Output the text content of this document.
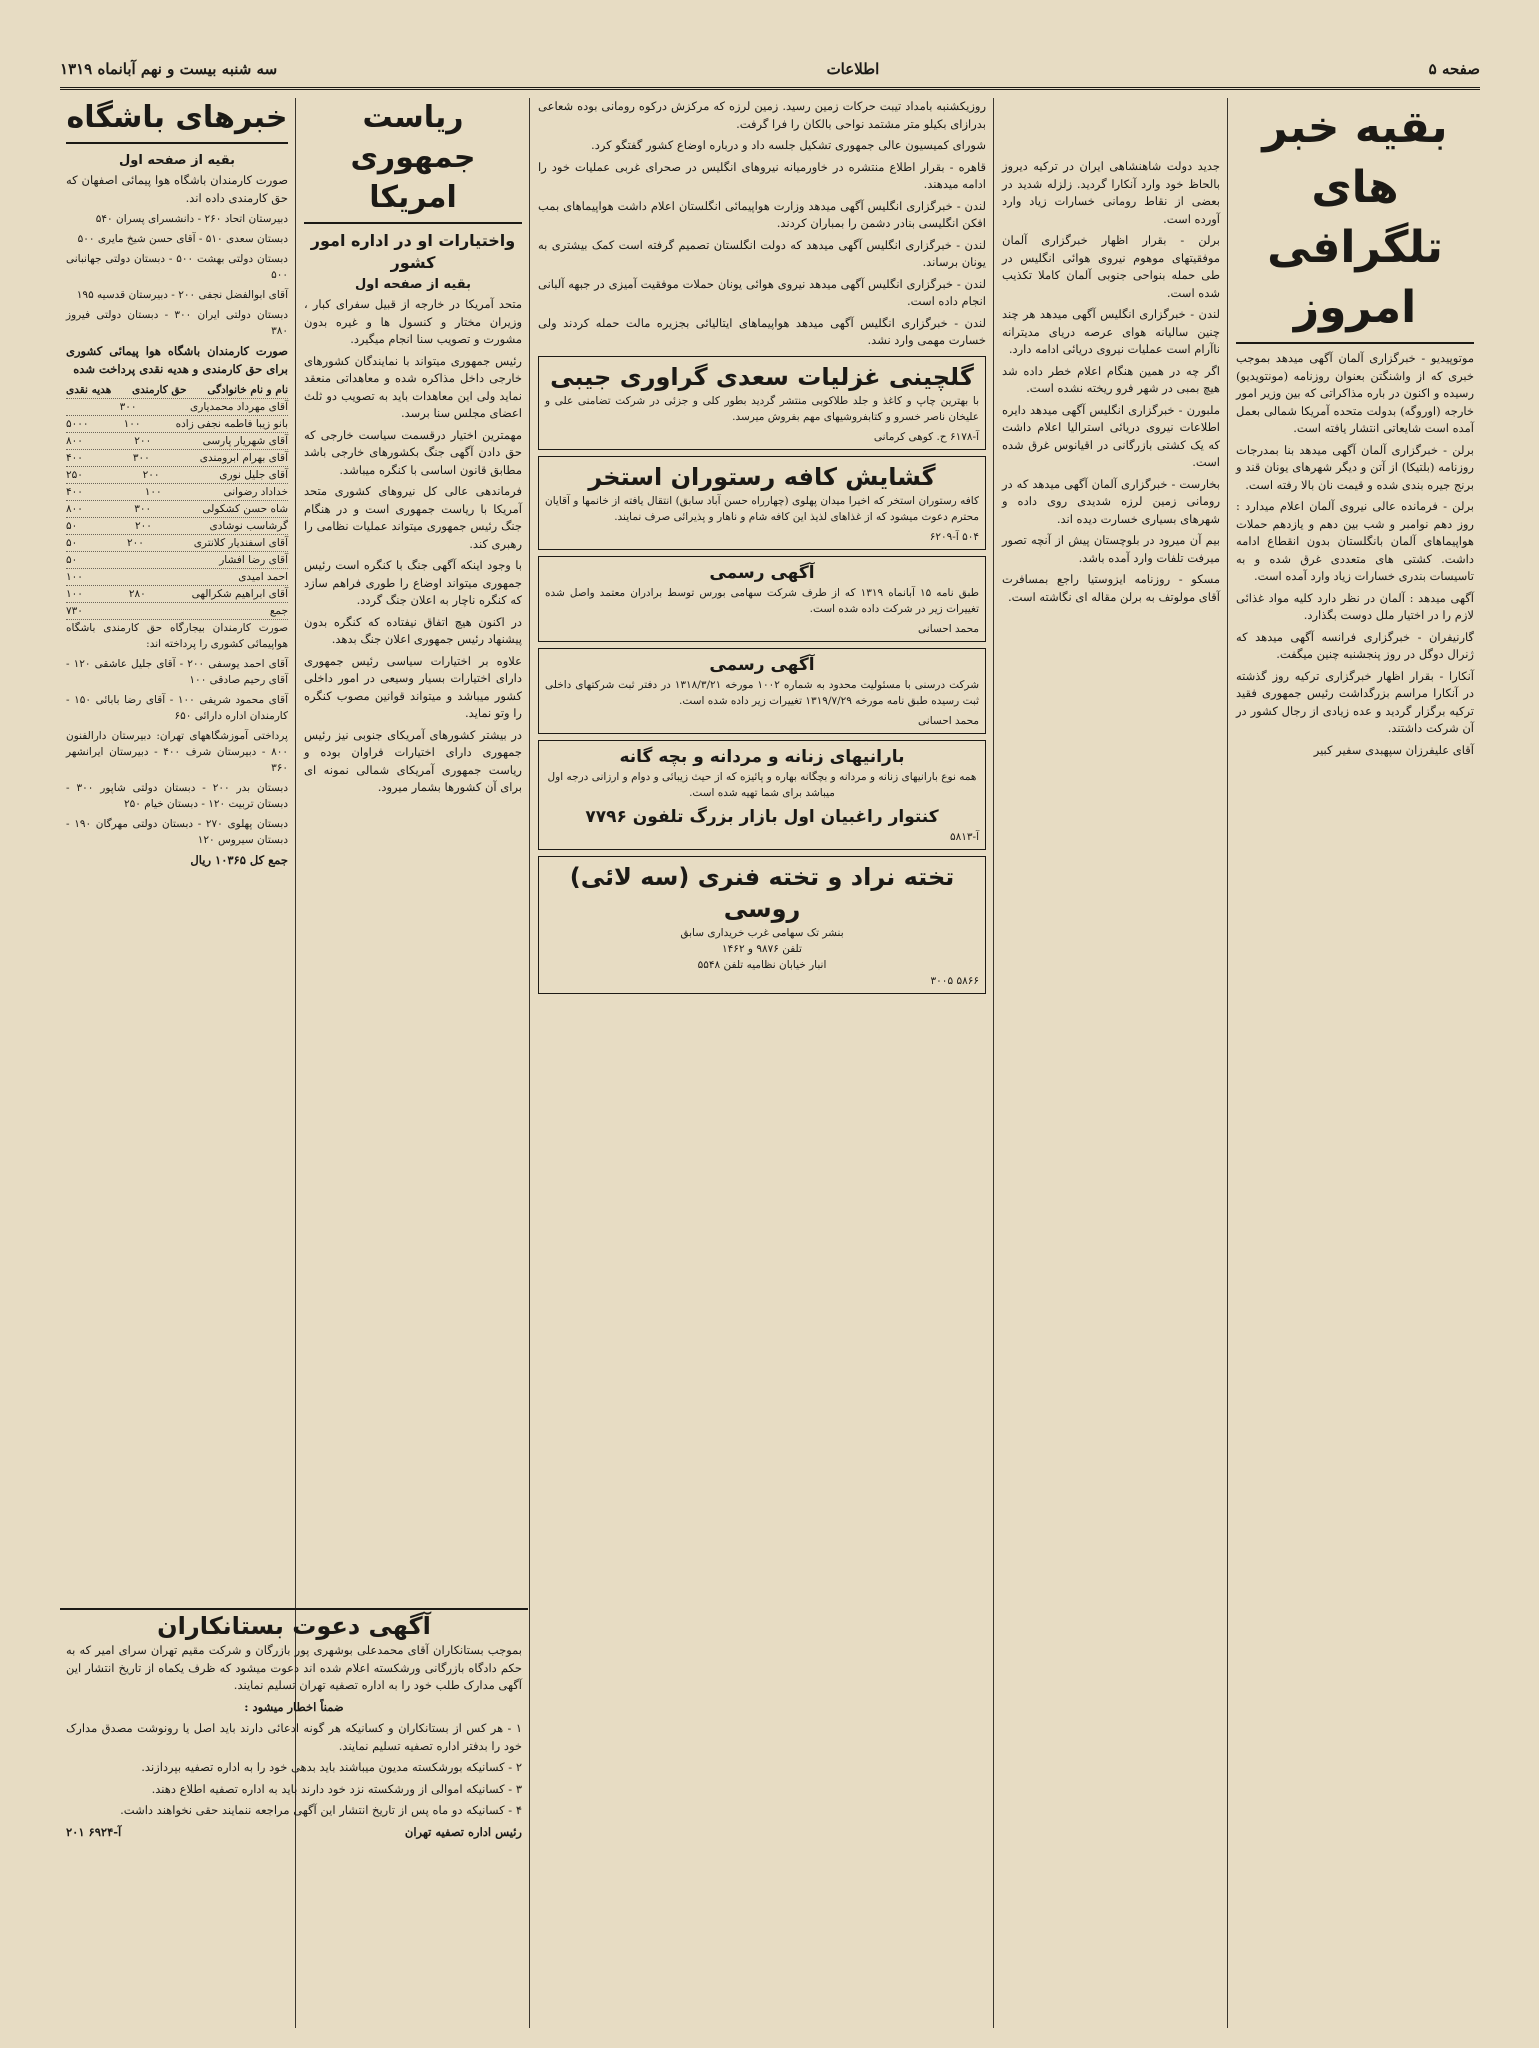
صفحه ۵
اطلاعات
سه شنبه بیست و نهم آبانماه ۱۳۱۹
بقیه خبر های تلگرافی امروز

موتوپیدیو - خبرگزاری آلمان آگهی میدهد بموجب خبری که از واشنگتن بعنوان روزنامه (مونتویدیو) رسیده و اکنون در باره مذاکراتی که بین وزیر امور خارجه (اوروگه) بدولت متحده آمریکا شمالی بعمل آمده است شایعاتی انتشار یافته است.

برلن - خبرگزاری آلمان آگهی میدهد بنا بمدرجات روزنامه (بلتیکا) از آتن و دیگر شهرهای یونان قند و برنج جیره بندی شده و قیمت نان بالا رفته است.

برلن - فرمانده عالی نیروی آلمان اعلام میدارد : روز دهم نوامبر و شب بین دهم و یازدهم حملات هواپیماهای آلمان بانگلستان بدون انقطاع ادامه داشت. کشتی های متعددی غرق شده و به تاسیسات بندری خسارات زیاد وارد آمده است.

آگهی میدهد : آلمان در نظر دارد کلیه مواد غذائی لازم را در اختیار ملل دوست بگذارد.

گارنیفران - خبرگزاری فرانسه آگهی میدهد که ژنرال دوگل در روز پنجشنبه چنین میگفت.

آنکارا - بقرار اظهار خبرگزاری ترکیه روز گذشته در آنکارا مراسم بزرگداشت رئیس جمهوری فقید ترکیه برگزار گردید و عده زیادی از رجال کشور در آن شرکت داشتند.

آقای علیفرزان سپهبدی سفیر کبیر

جدید دولت شاهنشاهی ایران در ترکیه دیروز بالحاظ خود وارد آنکارا گردید. زلزله شدید در بعضی از نقاط رومانی خسارات زیاد وارد آورده است.

برلن - بقرار اظهار خبرگزاری آلمان موفقیتهای موهوم نیروی هوائی انگلیس در طی حمله بنواحی جنوبی آلمان کاملا تکذیب شده است.

لندن - خبرگزاری انگلیس آگهی میدهد هر چند چنین سالیانه هوای عرصه دریای مدیترانه ناآرام است عملیات نیروی دریائی ادامه دارد.

اگر چه در همین هنگام اعلام خطر داده شد هیچ بمبی در شهر فرو ریخته نشده است.

ملبورن - خبرگزاری انگلیس آگهی میدهد دایره اطلاعات نیروی دریائی استرالیا اعلام داشت که یک کشتی بازرگانی در اقیانوس غرق شده است.

بخارست - خبرگزاری آلمان آگهی میدهد که در رومانی زمین لرزه شدیدی روی داده و شهرهای بسیاری خسارت دیده اند.

بیم آن میرود در بلوچستان پیش از آنچه تصور میرفت تلفات وارد آمده باشد.

مسکو - روزنامه ایزوستیا راجع بمسافرت آقای مولوتف به برلن مقاله ای نگاشته است.

روزیکشنبه بامداد تیبت حرکات زمین رسید. زمین لرزه که مرکزش درکوه رومانی بوده شعاعی بدرازای بکیلو متر مشتمد نواحی بالکان را فرا گرفت.

شورای کمیسیون عالی جمهوری تشکیل جلسه داد و درباره اوضاع کشور گفتگو کرد.

قاهره - بقرار اطلاع منتشره در خاورمیانه نیروهای انگلیس در صحرای غربی عملیات خود را ادامه میدهند.

لندن - خبرگزاری انگلیس آگهی میدهد وزارت هواپیمائی انگلستان اعلام داشت هواپیماهای بمب افکن انگلیسی بنادر دشمن را بمباران کردند.

لندن - خبرگزاری انگلیس آگهی میدهد که دولت انگلستان تصمیم گرفته است کمک بیشتری به یونان برساند.

لندن - خبرگزاری انگلیس آگهی میدهد نیروی هوائی یونان حملات موفقیت آمیزی در جبهه آلبانی انجام داده است.

لندن - خبرگزاری انگلیس آگهی میدهد هواپیماهای ایتالیائی بجزیره مالت حمله کردند ولی خسارت مهمی وارد نشد.

گلچینی غزلیات سعدی گراوری جیبی

با بهترین چاپ و کاغذ و جلد طلاکوبی منتشر گردید بطور کلی و جزئی در شرکت تضامنی علی و علیخان ناصر خسرو و کتابفروشیهای مهم بفروش میرسد.

آ-۶۱۷۸ ح. کوهی کرمانی
گشایش کافه رستوران استخر

کافه رستوران استخر که اخیرا میدان پهلوی (چهارراه حسن آباد سابق) انتقال یافته از خانمها و آقایان محترم دعوت میشود که از غذاهای لذیذ این کافه شام و ناهار و پذیرائی صرف نمایند.

۵۰۴ آ-۶۲۰۹
آگهی رسمی

طبق نامه ۱۵ آبانماه ۱۳۱۹ که از طرف شرکت سهامی بورس توسط برادران معتمد واصل شده تغییرات زیر در شرکت داده شده است.

محمد احسانی
آگهی رسمی

شرکت درسنی با مسئولیت محدود به شماره ۱۰۰۲ مورخه ۱۳۱۸/۳/۲۱ در دفتر ثبت شرکتهای داخلی ثبت رسیده طبق نامه مورخه ۱۳۱۹/۷/۲۹ تغییرات زیر داده شده است.

محمد احسانی
بارانیهای زنانه و مردانه و بچه گانه

همه نوع بارانیهای زنانه و مردانه و بچگانه بهاره و پائیزه که از حیث زیبائی و دوام و ارزانی درجه اول میباشد برای شما تهیه شده است.

کنتوار راغبیان اول بازار بزرگ تلفون ۷۷۹۶
آ-۵۸۱۳
تخته نراد و تخته فنری (سه لائی) روسی
بنشر تک سهامی غرب خریداری سابق
تلفن ۹۸۷۶ و ۱۴۶۲
انبار خیابان نظامیه تلفن ۵۵۴۸
۵۸۶۶ ۳۰۰۵
ریاست جمهوری امریکا
واختیارات او در اداره امور کشور
بقیه از صفحه اول

متحد آمریکا در خارجه از قبیل سفرای کبار ، وزیران مختار و کنسول ها و غیره بدون مشورت و تصویب سنا انجام میگیرد.

رئیس جمهوری میتواند با نمایندگان کشورهای خارجی داخل مذاکره شده و معاهداتی منعقد نماید ولی این معاهدات باید به تصویب دو ثلث اعضای مجلس سنا برسد.

مهمترین اختیار درقسمت سیاست خارجی که حق دادن آگهی جنگ بکشورهای خارجی باشد مطابق قانون اساسی با کنگره میباشد.

فرماندهی عالی کل نیروهای کشوری متحد آمریکا با ریاست جمهوری است و در هنگام جنگ رئیس جمهوری میتواند عملیات نظامی را رهبری کند.

با وجود اینکه آگهی جنگ با کنگره است رئیس جمهوری میتواند اوضاع را طوری فراهم سازد که کنگره ناچار به اعلان جنگ گردد.

در اکنون هیچ اتفاق نیفتاده که کنگره بدون پیشنهاد رئیس جمهوری اعلان جنگ بدهد.

علاوه بر اختیارات سیاسی رئیس جمهوری دارای اختیارات بسیار وسیعی در امور داخلی کشور میباشد و میتواند قوانین مصوب کنگره را وتو نماید.

در بیشتر کشورهای آمریکای جنوبی نیز رئیس جمهوری دارای اختیارات فراوان بوده و ریاست جمهوری آمریکای شمالی نمونه ای برای آن کشورها بشمار میرود.

خبرهای باشگاه
بقیه از صفحه اول

صورت کارمندان باشگاه هوا پیمائی اصفهان که حق کارمندی داده اند.

دبیرستان اتحاد ۲۶۰ - دانشسرای پسران ۵۴۰

دبستان سعدی ۵۱۰ - آقای حسن شیخ مایری ۵۰۰

دبستان دولتی بهشت ۵۰۰ - دبستان دولتی جهانبانی ۵۰۰

آقای ابوالفضل نجفی ۲۰۰ - دبیرستان قدسیه ۱۹۵

دبستان دولتی ایران ۳۰۰ - دبستان دولتی فیروز ۳۸۰

صورت کارمندان باشگاه هوا پیمائی کشوری برای حق کارمندی و هدیه نقدی پرداخت شده

نام و نام خانوادگی
حق کارمندی
هدیه نقدی
آقای مهرداد محمدیاری
۳۰۰
بانو زیبا فاطمه نجفی زاده
۱۰۰
۵۰۰۰
آقای شهریار پارسی
۲۰۰
۸۰۰
آقای بهرام ابرومندی
۳۰۰
۴۰۰
آقای جلیل نوری
۲۰۰
۲۵۰
خداداد رضوانی
۱۰۰
۴۰۰
شاه حسن کشکولی
۳۰۰
۸۰۰
گرشاسب نوشادی
۲۰۰
۵۰
آقای اسفندیار کلانتری
۲۰۰
۵۰
آقای رضا افشار
۵۰
احمد امیدی
۱۰۰
آقای ابراهیم شکرالهی
۲۸۰
۱۰۰
جمع
۷۳۰

صورت کارمندان بیجارگاه حق کارمندی باشگاه هواپیمائی کشوری را پرداخته اند:

آقای احمد یوسفی ۲۰۰ - آقای جلیل عاشقی ۱۲۰ - آقای رحیم صادقی ۱۰۰

آقای محمود شریفی ۱۰۰ - آقای رضا بابائی ۱۵۰ - کارمندان اداره دارائی ۶۵۰

پرداختی آموزشگاههای تهران: دبیرستان دارالفنون ۸۰۰ - دبیرستان شرف ۴۰۰ - دبیرستان ایرانشهر ۳۶۰

دبستان بدر ۲۰۰ - دبستان دولتی شاپور ۳۰۰ - دبستان تربیت ۱۲۰ - دبستان خیام ۲۵۰

دبستان پهلوی ۲۷۰ - دبستان دولتی مهرگان ۱۹۰ - دبستان سیروس ۱۲۰

جمع کل ۱۰۳۶۵ ریال

آگهی دعوت بستانکاران

بموجب بستانکاران آقای محمدعلی بوشهری پور بازرگان و شرکت مقیم تهران سرای امیر که به حکم دادگاه بازرگانی ورشکسته اعلام شده اند دعوت میشود که ظرف یکماه از تاریخ انتشار این آگهی مدارک طلب خود را به اداره تصفیه تهران تسلیم نمایند.

ضمناً اخطار میشود :

۱ - هر کس از بستانکاران و کسانیکه هر گونه ادعائی دارند باید اصل یا رونوشت مصدق مدارک خود را بدفتر اداره تصفیه تسلیم نمایند.

۲ - کسانیکه بورشکسته مدیون میباشند باید بدهی خود را به اداره تصفیه بپردازند.

۳ - کسانیکه اموالی از ورشکسته نزد خود دارند باید به اداره تصفیه اطلاع دهند.

۴ - کسانیکه دو ماه پس از تاریخ انتشار این آگهی مراجعه ننمایند حقی نخواهند داشت.

رئیس اداره تصفیه تهران
آ-۶۹۲۴ ۲۰۱
